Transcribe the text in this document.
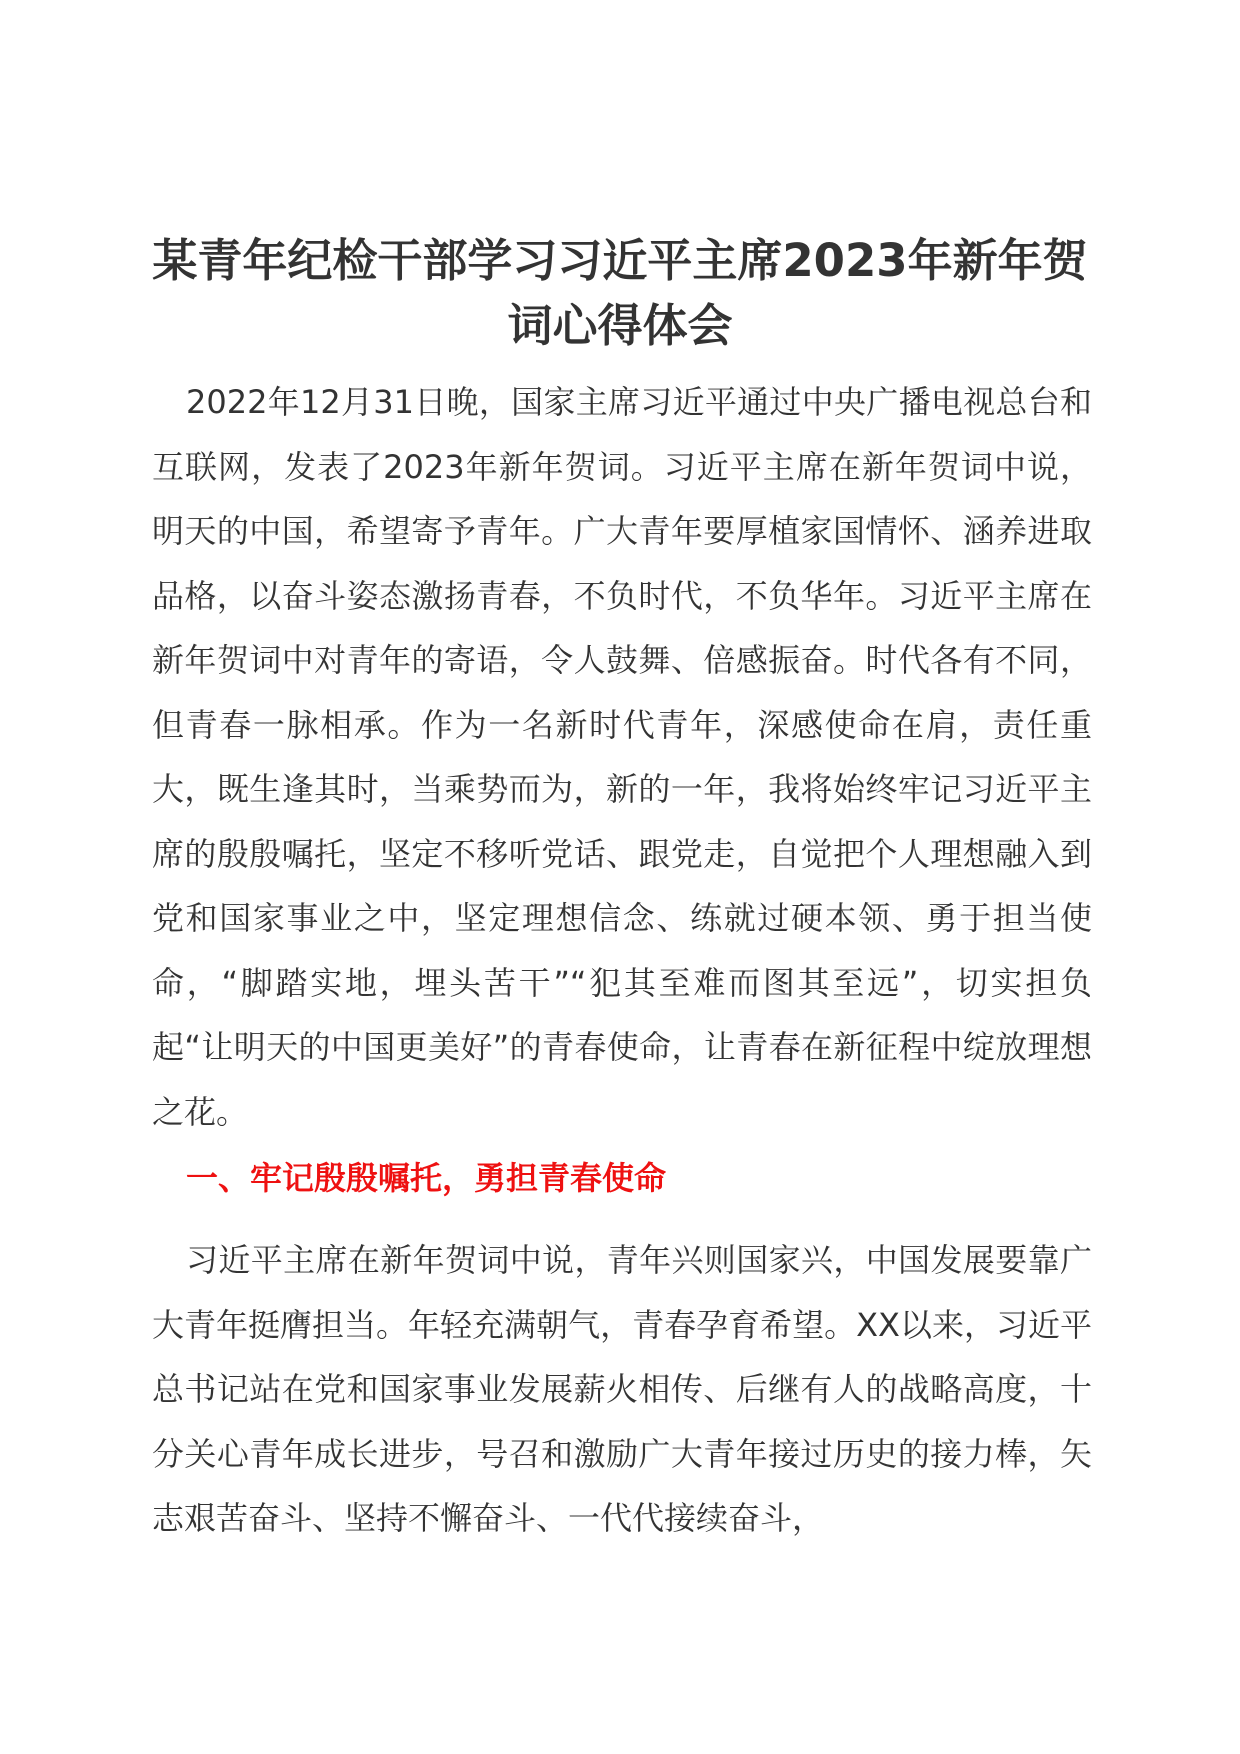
某青年纪检干部学习习近平主席2023年新年贺词心得体会

2022年12月31日晚，国家主席习近平通过中央广播电视总台和互联网，发表了2023年新年贺词。习近平主席在新年贺词中说，明天的中国，希望寄予青年。广大青年要厚植家国情怀、涵养进取品格，以奋斗姿态激扬青春，不负时代，不负华年。习近平主席在新年贺词中对青年的寄语，令人鼓舞、倍感振奋。时代各有不同，但青春一脉相承。作为一名新时代青年，深感使命在肩，责任重大，既生逢其时，当乘势而为，新的一年，我将始终牢记习近平主席的殷殷嘱托，坚定不移听党话、跟党走，自觉把个人理想融入到党和国家事业之中，坚定理想信念、练就过硬本领、勇于担当使命，“脚踏实地，埋头苦干”“犯其至难而图其至远”，切实担负起“让明天的中国更美好”的青春使命，让青春在新征程中绽放理想之花。

一、牢记殷殷嘱托，勇担青春使命

习近平主席在新年贺词中说，青年兴则国家兴，中国发展要靠广大青年挺膺担当。年轻充满朝气，青春孕育希望。XX以来，习近平总书记站在党和国家事业发展薪火相传、后继有人的战略高度，十分关心青年成长进步，号召和激励广大青年接过历史的接力棒，矢志艰苦奋斗、坚持不懈奋斗、一代代接续奋斗，
